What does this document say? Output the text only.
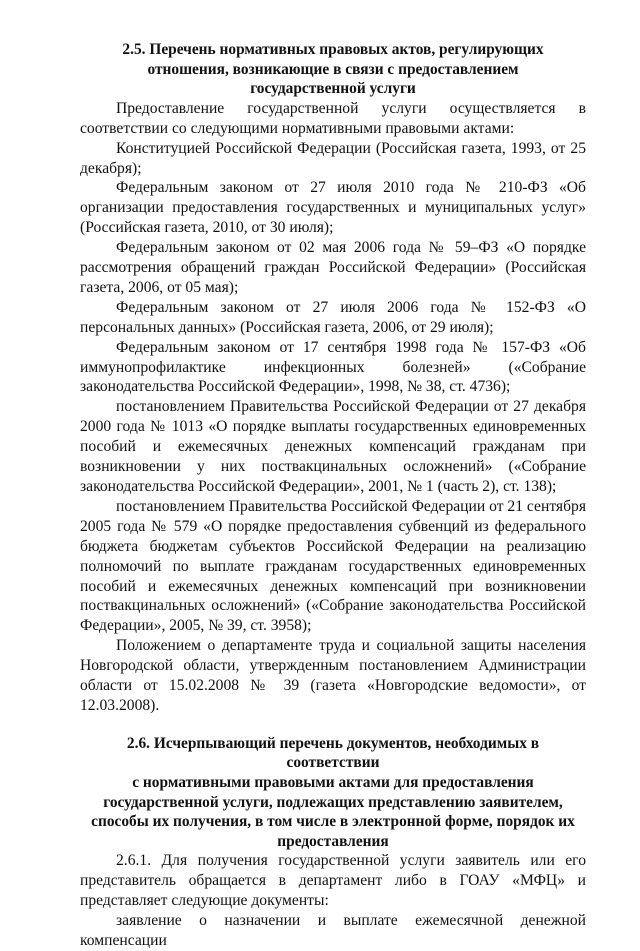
2.5. Перечень нормативных правовых актов, регулирующих
отношения, возникающие в связи с предоставлением
государственной услуги

Предоставление государственной услуги осуществляется в соответствии со следующими нормативными правовыми актами:

Конституцией Российской Федерации (Российская газета, 1993, от 25 декабря);

Федеральным законом от 27 июля 2010 года № 210-ФЗ «Об организации предоставления государственных и муниципальных услуг» (Российская газета, 2010, от 30 июля);

Федеральным законом от 02 мая 2006 года № 59–ФЗ «О порядке рассмотрения обращений граждан Российской Федерации» (Российская газета, 2006, от 05 мая);

Федеральным законом от 27 июля 2006 года № 152-ФЗ «О персональных данных» (Российская газета, 2006, от 29 июля);

Федеральным законом от 17 сентября 1998 года № 157-ФЗ «Об иммунопрофилактике инфекционных болезней» («Собрание законодательства Российской Федерации», 1998, № 38, ст. 4736);

постановлением Правительства Российской Федерации от 27 декабря 2000 года № 1013 «О порядке выплаты государственных единовременных пособий и ежемесячных денежных компенсаций гражданам при возникновении у них поствакцинальных осложнений» («Собрание законодательства Российской Федерации», 2001, № 1 (часть 2), ст. 138);

постановлением Правительства Российской Федерации от 21 сентября 2005 года № 579 «О порядке предоставления субвенций из федерального бюджета бюджетам субъектов Российской Федерации на реализацию полномочий по выплате гражданам государственных единовременных пособий и ежемесячных денежных компенсаций при возникновении поствакцинальных осложнений» («Собрание законодательства Российской Федерации», 2005, № 39, ст. 3958);

Положением о департаменте труда и социальной защиты населения Новгородской области, утвержденным постановлением Администрации области от 15.02.2008 № 39 (газета «Новгородские ведомости», от 12.03.2008).

2.6. Исчерпывающий перечень документов, необходимых в соответствии
с нормативными правовыми актами для предоставления
государственной услуги, подлежащих представлению заявителем,
способы их получения, в том числе в электронной форме, порядок их
предоставления

2.6.1. Для получения государственной услуги заявитель или его представитель обращается в департамент либо в ГОАУ «МФЦ» и представляет следующие документы:

заявление о назначении и выплате ежемесячной денежной компенсации
